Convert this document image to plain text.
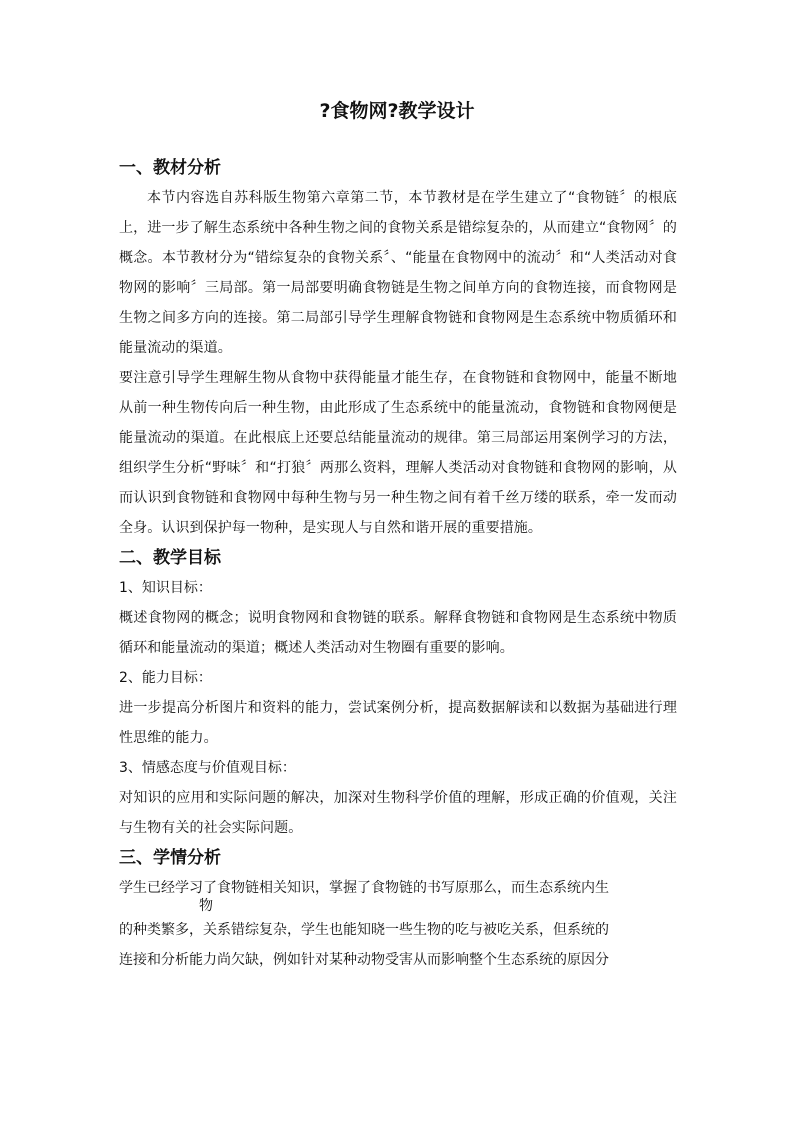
?食物网?教学设计
一、教材分析

本节内容选自苏科版生物第六章第二节，本节教材是在学生建立了“食物链〞的根底上，进一步了解生态系统中各种生物之间的食物关系是错综复杂的，从而建立“食物网〞的概念。本节教材分为“错综复杂的食物关系〞、“能量在食物网中的流动〞和“人类活动对食物网的影响〞三局部。第一局部要明确食物链是生物之间单方向的食物连接，而食物网是生物之间多方向的连接。第二局部引导学生理解食物链和食物网是生态系统中物质循环和能量流动的渠道。

要注意引导学生理解生物从食物中获得能量才能生存，在食物链和食物网中，能量不断地从前一种生物传向后一种生物，由此形成了生态系统中的能量流动，食物链和食物网便是能量流动的渠道。在此根底上还要总结能量流动的规律。第三局部运用案例学习的方法，组织学生分析“野味〞和“打狼〞两那么资料，理解人类活动对食物链和食物网的影响，从而认识到食物链和食物网中每种生物与另一种生物之间有着千丝万缕的联系，牵一发而动全身。认识到保护每一物种，是实现人与自然和谐开展的重要措施。

二、教学目标
1、知识目标：

概述食物网的概念；说明食物网和食物链的联系。解释食物链和食物网是生态系统中物质循环和能量流动的渠道；概述人类活动对生物圈有重要的影响。

2、能力目标：

进一步提高分析图片和资料的能力，尝试案例分析，提高数据解读和以数据为基础进行理性思维的能力。

3、情感态度与价值观目标：

对知识的应用和实际问题的解决，加深对生物科学价值的理解，形成正确的价值观，关注与生物有关的社会实际问题。

三、学情分析
学生已经学习了食物链相关知识，掌握了食物链的书写原那么，而生态系统内生
物
的种类繁多，关系错综复杂，学生也能知晓一些生物的吃与被吃关系，但系统的
连接和分析能力尚欠缺，例如针对某种动物受害从而影响整个生态系统的原因分
